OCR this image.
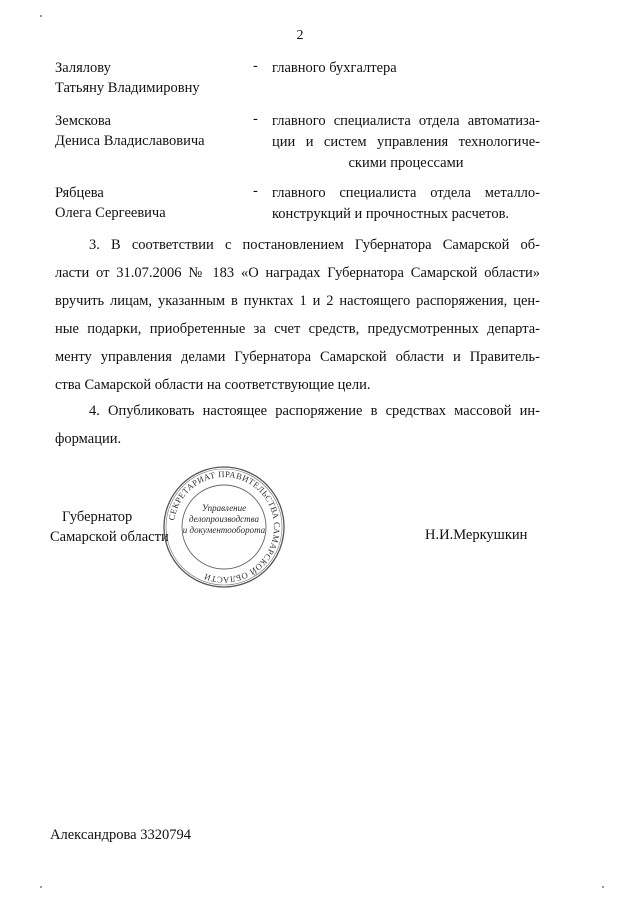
2
Залялову
Татьяну Владимировну
- главного бухгалтера
Земскова
Дениса Владиславовича
- главного специалиста отдела автоматиза-
ции и систем управления технологиче-
скими процессами
Рябцева
Олега Сергеевича
- главного специалиста отдела металло-
конструкций и прочностных расчетов.
3. В соответствии с постановлением Губернатора Самарской об-
ласти от 31.07.2006 № 183 «О наградах Губернатора Самарской области»
вручить лицам, указанным в пунктах 1 и 2 настоящего распоряжения, цен-
ные подарки, приобретенные за счет средств, предусмотренных департа-
менту управления делами Губернатора Самарской области и Правитель-
ства Самарской области на соответствующие цели.
4. Опубликовать настоящее распоряжение в средствах массовой ин-
формации.
СЕКРЕТАРИАТ ПРАВИТЕЛЬСТВА САМАРСКОЙ ОБЛАСТИ
Управление
делопроизводства
и документооборота
Губернатор
Самарской области	Н.И.Меркушкин
Александрова 3320794
